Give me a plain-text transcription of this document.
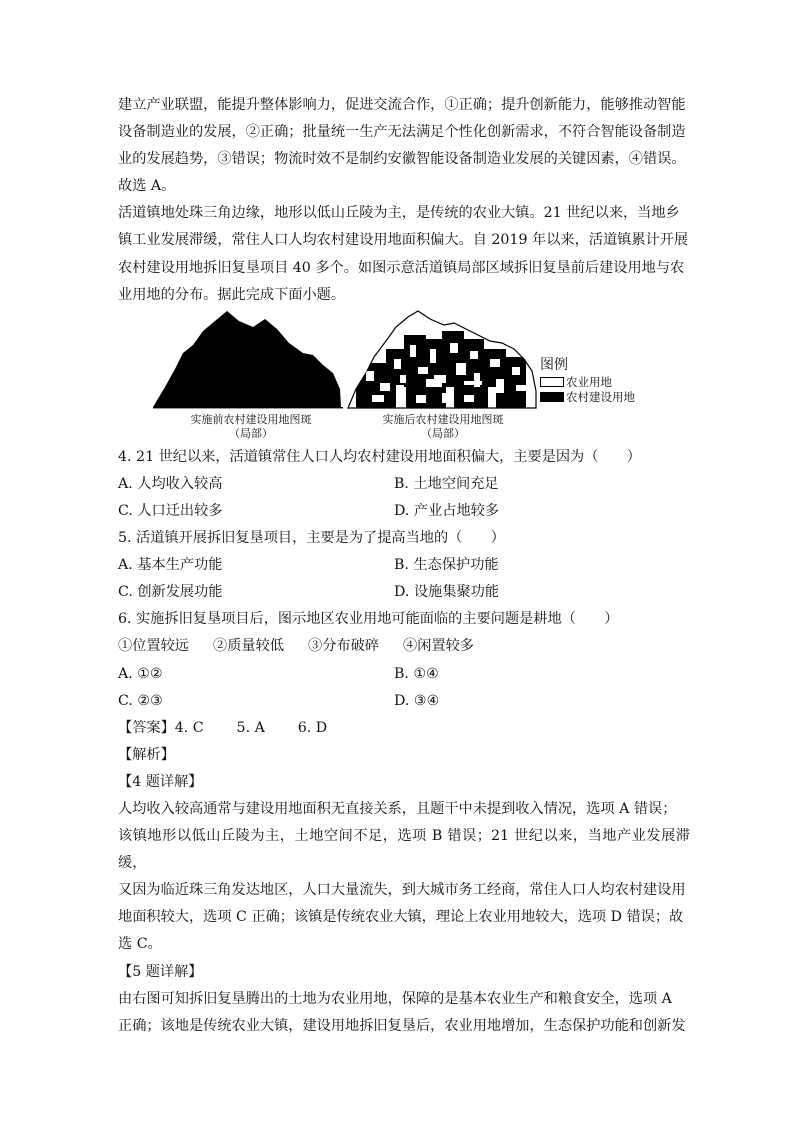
建立产业联盟，能提升整体影响力，促进交流合作，①正确；提升创新能力，能够推动智能

设备制造业的发展，②正确；批量统一生产无法满足个性化创新需求，不符合智能设备制造

业的发展趋势，③错误；物流时效不是制约安徽智能设备制造业发展的关键因素，④错误。

故选 A。

活道镇地处珠三角边缘，地形以低山丘陵为主，是传统的农业大镇。21 世纪以来，当地乡

镇工业发展滞缓，常住人口人均农村建设用地面积偏大。自 2019 年以来，活道镇累计开展

农村建设用地拆旧复垦项目 40 多个。如图示意活道镇局部区域拆旧复垦前后建设用地与农

业用地的分布。据此完成下面小题。

实施前农村建设用地图斑
（局部）
实施后农村建设用地图斑
（局部）
图例
农业用地
农村建设用地

4. 21 世纪以来，活道镇常住人口人均农村建设用地面积偏大，主要是因为（　　）

A. 人均收入较高	B. 土地空间充足

C. 人口迁出较多	D. 产业占地较多

5. 活道镇开展拆旧复垦项目，主要是为了提高当地的（　　）

A. 基本生产功能	B. 生态保护功能

C. 创新发展功能	D. 设施集聚功能

6. 实施拆旧复垦项目后，图示地区农业用地可能面临的主要问题是耕地（　　）

①位置较远 ②质量较低 ③分布破碎 ④闲置较多

A. ①②	B. ①④

C. ②③	D. ③④

【答案】4. C　　 5. A　　 6. D

【解析】

【4 题详解】

人均收入较高通常与建设用地面积无直接关系，且题干中未提到收入情况，选项 A 错误；

该镇地形以低山丘陵为主，土地空间不足，选项 B 错误；21 世纪以来，当地产业发展滞缓，

又因为临近珠三角发达地区，人口大量流失，到大城市务工经商，常住人口人均农村建设用

地面积较大，选项 C 正确；该镇是传统农业大镇，理论上农业用地较大，选项 D 错误；故

选 C。

【5 题详解】

由右图可知拆旧复垦腾出的土地为农业用地，保障的是基本农业生产和粮食安全，选项 A

正确；该地是传统农业大镇，建设用地拆旧复垦后，农业用地增加，生态保护功能和创新发
